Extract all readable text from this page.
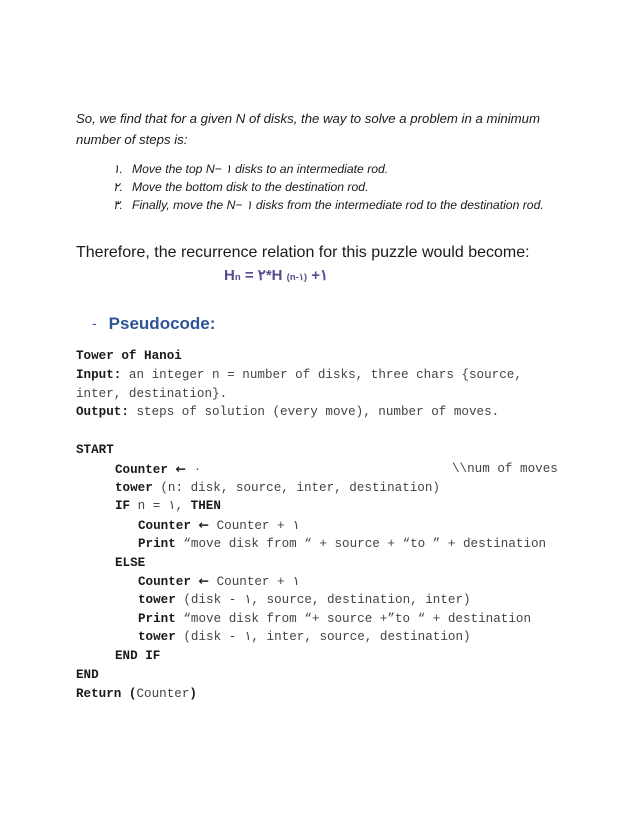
So, we find that for a given N of disks, the way to solve a problem in a minimum number of steps is:
١. Move the top N− ١ disks to an intermediate rod.
٢. Move the bottom disk to the destination rod.
٣. Finally, move the N− ١ disks from the intermediate rod to the destination rod.
Therefore, the recurrence relation for this puzzle would become:
Hn = ٢*H (n-١) +١
- Pseudocode:
Tower of Hanoi
Input: an integer n = number of disks, three chars {source,
inter, destination}.
Output: steps of solution (every move), number of moves.
START
Counter ← ٠	\\num of moves
tower (n: disk, source, inter, destination)
IF n = ١, THEN
Counter ← Counter + ١
Print “move disk from “ + source + “to ” + destination
ELSE
Counter ← Counter + ١
tower (disk - ١, source, destination, inter)
Print “move disk from “+ source +”to “ + destination
tower (disk - ١, inter, source, destination)
END IF
END
Return (Counter)
